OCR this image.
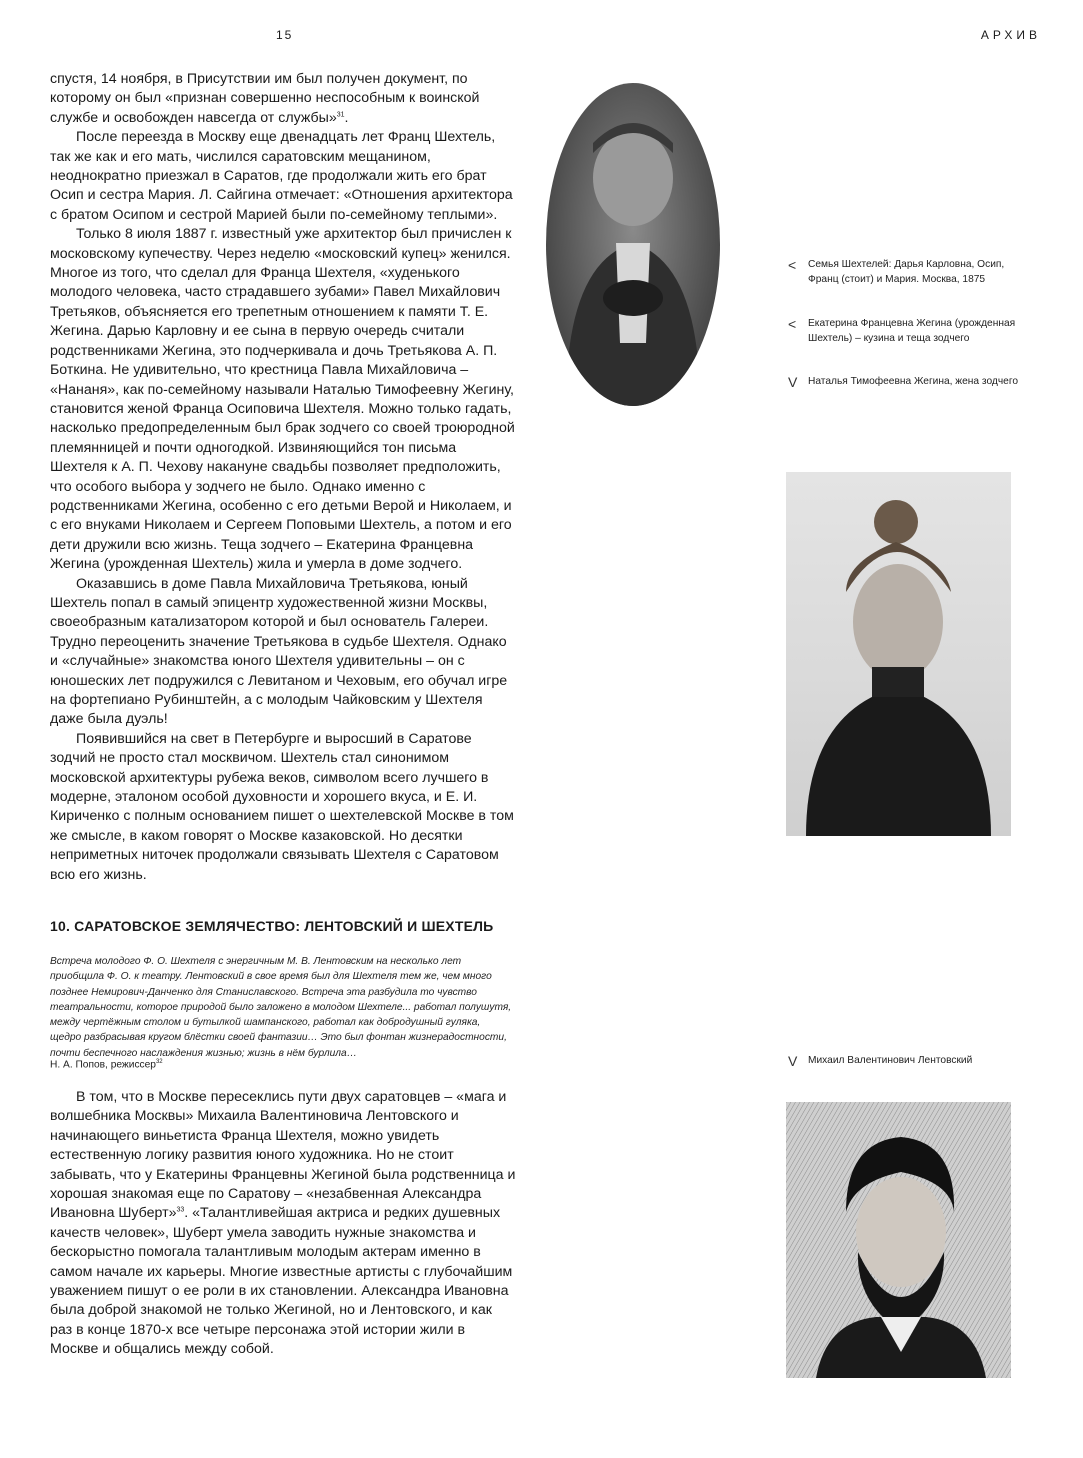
15	АРХИВ

спустя, 14 ноября, в Присутствии им был получен документ, по которому он был «признан совершенно неспособным к воинской службе и освобожден навсегда от службы»$^{31}$.

После переезда в Москву еще двенадцать лет Франц Шехтель, так же как и его мать, числился саратовским мещанином, неоднократно приезжал в Саратов, где продолжали жить его брат Осип и сестра Мария. Л. Сайгина отмечает: «Отношения архитектора с братом Осипом и сестрой Марией были по-семейному теплыми».

Только 8 июля 1887 г. известный уже архитектор был причислен к московскому купечеству. Через неделю «московский купец» женился. Многое из того, что сделал для Франца Шехтеля, «худенького молодого человека, часто страдавшего зубами» Павел Михайлович Третьяков, объясняется его трепетным отношением к памяти Т. Е. Жегина. Дарью Карловну и ее сына в первую очередь считали родственниками Жегина, это подчеркивала и дочь Третьякова А. П. Боткина. Не удивительно, что крестница Павла Михайловича – «Нананя», как по-семейному называли Наталью Тимофеевну Жегину, становится женой Франца Осиповича Шехтеля. Можно только гадать, насколько предопределенным был брак зодчего со своей троюродной племянницей и почти одногодкой. Извиняющийся тон письма Шехтеля к А. П. Чехову накануне свадьбы позволяет предположить, что особого выбора у зодчего не было. Однако именно с родственниками Жегина, особенно с его детьми Верой и Николаем, и с его внуками Николаем и Сергеем Поповыми Шехтель, а потом и его дети дружили всю жизнь. Теща зодчего – Екатерина Францевна Жегина (урожденная Шехтель) жила и умерла в доме зодчего.

Оказавшись в доме Павла Михайловича Третьякова, юный Шехтель попал в самый эпицентр художественной жизни Москвы, своеобразным катализатором которой и был основатель Галереи. Трудно переоценить значение Третьякова в судьбе Шехтеля. Однако и «случайные» знакомства юного Шехтеля удивительны – он с юношеских лет подружился с Левитаном и Чеховым, его обучал игре на фортепиано Рубинштейн, а с молодым Чайковским у Шехтеля даже была дуэль!

Появившийся на свет в Петербурге и выросший в Саратове зодчий не просто стал москвичом. Шехтель стал синонимом московской архитектуры рубежа веков, символом всего лучшего в модерне, эталоном особой духовности и хорошего вкуса, и Е. И. Кириченко с полным основанием пишет о шехтелевской Москве в том же смысле, в каком говорят о Москве казаковской. Но десятки неприметных ниточек продолжали связывать Шехтеля с Саратовом всю его жизнь.

10. САРАТОВСКОЕ ЗЕМЛЯЧЕСТВО: ЛЕНТОВСКИЙ И ШЕХТЕЛЬ
Встреча молодого Ф. О. Шехтеля с энергичным М. В. Лентовским на несколько лет приобщила Ф. О. к театру. Лентовский в свое время был для Шехтеля тем же, чем много позднее Немирович-Данченко для Станиславского. Встреча эта разбудила то чувство театральности, которое природой было заложено в молодом Шехтеле... работал полушутя, между чертёжным столом и бутылкой шампанского, работал как добродушный гуляка, щедро разбрасывая кругом блёстки своей фантазии… Это был фонтан жизнерадостности, почти беспечного наслаждения жизнью; жизнь в нём бурлила…
Н. А. Попов, режиссер$^{32}$

В том, что в Москве пересеклись пути двух саратовцев – «мага и волшебника Москвы» Михаила Валентиновича Лентовского и начинающего виньетиста Франца Шехтеля, можно увидеть естественную логику развития юного художника. Но не стоит забывать, что у Екатерины Францевны Жегиной была родственница и хорошая знакомая еще по Саратову – «незабвенная Александра Ивановна Шуберт»$^{33}$. «Талантливейшая актриса и редких душевных качеств человек», Шуберт умела заводить нужные знакомства и бескорыстно помогала талантливым молодым актерам именно в самом начале их карьеры. Многие известные артисты с глубочайшим уважением пишут о ее роли в их становлении. Александра Ивановна была доброй знакомой не только Жегиной, но и Лентовского, и как раз в конце 1870-х все четыре персонажа этой истории жили в Москве и общались между собой.

<	Семья Шехтелей: Дарья Карловна, Осип, Франц (стоит) и Мария. Москва, 1875
<	Екатерина Францевна Жегина (урожденная Шехтель) – кузина и теща зодчего
V	Наталья Тимофеевна Жегина, жена зодчего
V	Михаил Валентинович Лентовский
